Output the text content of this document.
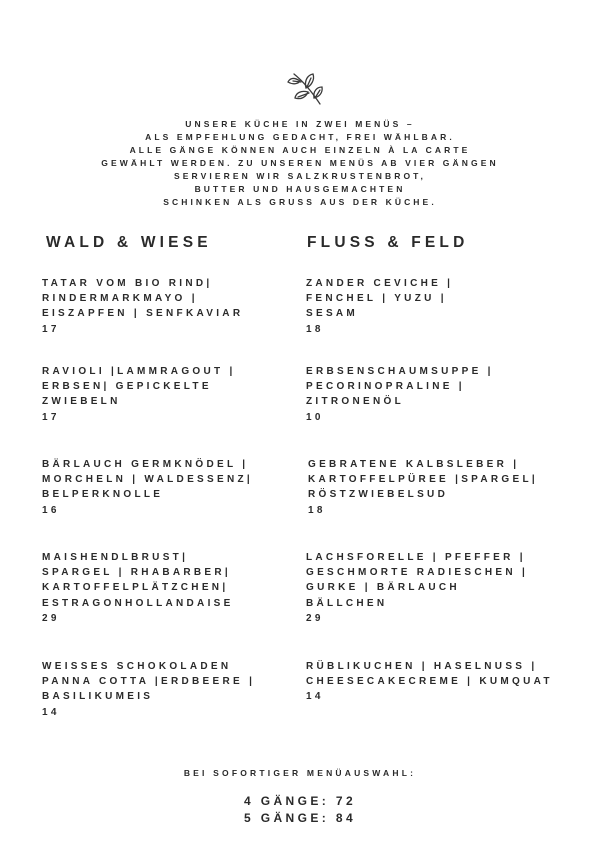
UNSERE KÜCHE IN ZWEI MENÜS –
ALS EMPFEHLUNG GEDACHT, FREI WÄHLBAR.
ALLE GÄNGE KÖNNEN AUCH EINZELN À LA CARTE
GEWÄHLT WERDEN. ZU UNSEREN MENÜS AB VIER GÄNGEN
SERVIEREN WIR SALZKRUSTENBROT,
BUTTER UND HAUSGEMACHTEN
SCHINKEN ALS GRUSS AUS DER KÜCHE.
WALD & WIESE	FLUSS & FELD
TATAR VOM BIO RIND|
RINDERMARKMAYO |
EISZAPFEN | SENFKAVIAR
17
RAVIOLI |LAMMRAGOUT |
ERBSEN| GEPICKELTE
ZWIEBELN
17
BÄRLAUCH GERMKNÖDEL |
MORCHELN | WALDESSENZ|
BELPERKNOLLE
16
MAISHENDLBRUST|
SPARGEL | RHABARBER|
KARTOFFELPLÄTZCHEN|
ESTRAGONHOLLANDAISE
29
WEISSES SCHOKOLADEN
PANNA COTTA |ERDBEERE |
BASILIKUMEIS
14
ZANDER CEVICHE |
FENCHEL | YUZU |
SESAM
18
ERBSENSCHAUMSUPPE |
PECORINOPRALINE |
ZITRONENÖL
10
GEBRATENE KALBSLEBER |
KARTOFFELPÜREE |SPARGEL|
RÖSTZWIEBELSUD
18
LACHSFORELLE | PFEFFER |
GESCHMORTE RADIESCHEN |
GURKE | BÄRLAUCH
BÄLLCHEN
29
RÜBLIKUCHEN | HASELNUSS |
CHEESECAKECREME | KUMQUAT
14
BEI SOFORTIGER MENÜAUSWAHL:
4 GÄNGE: 72
5 GÄNGE: 84
